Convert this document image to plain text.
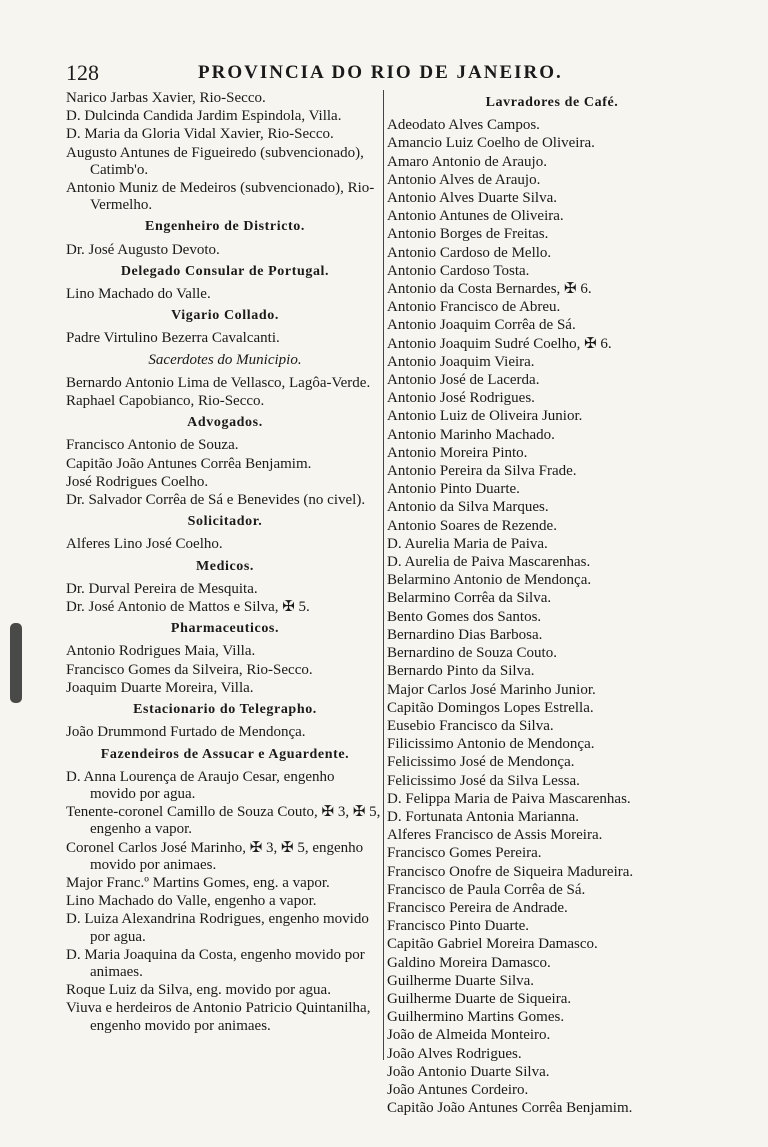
128	PROVINCIA DO RIO DE JANEIRO.
Narico Jarbas Xavier, Rio-Secco.
D. Dulcinda Candida Jardim Espindola, Villa.
D. Maria da Gloria Vidal Xavier, Rio-Secco.
Augusto Antunes de Figueiredo (subvencionado), Catimb'o.
Antonio Muniz de Medeiros (subvencionado), Rio-Vermelho.
Engenheiro de Districto.
Dr. José Augusto Devoto.
Delegado Consular de Portugal.
Lino Machado do Valle.
Vigario Collado.
Padre Virtulino Bezerra Cavalcanti.
Sacerdotes do Municipio.
Bernardo Antonio Lima de Vellasco, Lagôa-Verde.
Raphael Capobianco, Rio-Secco.
Advogados.
Francisco Antonio de Souza.
Capitão João Antunes Corrêa Benjamim.
José Rodrigues Coelho.
Dr. Salvador Corrêa de Sá e Benevides (no civel).
Solicitador.
Alferes Lino José Coelho.
Medicos.
Dr. Durval Pereira de Mesquita.
Dr. José Antonio de Mattos e Silva, ✠ 5.
Pharmaceuticos.
Antonio Rodrigues Maia, Villa.
Francisco Gomes da Silveira, Rio-Secco.
Joaquim Duarte Moreira, Villa.
Estacionario do Telegrapho.
João Drummond Furtado de Mendonça.
Fazendeiros de Assucar e Aguardente.
D. Anna Lourença de Araujo Cesar, engenho movido por agua.
Tenente-coronel Camillo de Souza Couto, ✠ 3, ✠ 5, engenho a vapor.
Coronel Carlos José Marinho, ✠ 3, ✠ 5, engenho movido por animaes.
Major Franc.º Martins Gomes, eng. a vapor.
Lino Machado do Valle, engenho a vapor.
D. Luiza Alexandrina Rodrigues, engenho movido por agua.
D. Maria Joaquina da Costa, engenho movido por animaes.
Roque Luiz da Silva, eng. movido por agua.
Viuva e herdeiros de Antonio Patricio Quintanilha, engenho movido por animaes.
Lavradores de Café.
Adeodato Alves Campos.
Amancio Luiz Coelho de Oliveira.
Amaro Antonio de Araujo.
Antonio Alves de Araujo.
Antonio Alves Duarte Silva.
Antonio Antunes de Oliveira.
Antonio Borges de Freitas.
Antonio Cardoso de Mello.
Antonio Cardoso Tosta.
Antonio da Costa Bernardes, ✠ 6.
Antonio Francisco de Abreu.
Antonio Joaquim Corrêa de Sá.
Antonio Joaquim Sudré Coelho, ✠ 6.
Antonio Joaquim Vieira.
Antonio José de Lacerda.
Antonio José Rodrigues.
Antonio Luiz de Oliveira Junior.
Antonio Marinho Machado.
Antonio Moreira Pinto.
Antonio Pereira da Silva Frade.
Antonio Pinto Duarte.
Antonio da Silva Marques.
Antonio Soares de Rezende.
D. Aurelia Maria de Paiva.
D. Aurelia de Paiva Mascarenhas.
Belarmino Antonio de Mendonça.
Belarmino Corrêa da Silva.
Bento Gomes dos Santos.
Bernardino Dias Barbosa.
Bernardino de Souza Couto.
Bernardo Pinto da Silva.
Major Carlos José Marinho Junior.
Capitão Domingos Lopes Estrella.
Eusebio Francisco da Silva.
Filicissimo Antonio de Mendonça.
Felicissimo José de Mendonça.
Felicissimo José da Silva Lessa.
D. Felippa Maria de Paiva Mascarenhas.
D. Fortunata Antonia Marianna.
Alferes Francisco de Assis Moreira.
Francisco Gomes Pereira.
Francisco Onofre de Siqueira Madureira.
Francisco de Paula Corrêa de Sá.
Francisco Pereira de Andrade.
Francisco Pinto Duarte.
Capitão Gabriel Moreira Damasco.
Galdino Moreira Damasco.
Guilherme Duarte Silva.
Guilherme Duarte de Siqueira.
Guilhermino Martins Gomes.
João de Almeida Monteiro.
João Alves Rodrigues.
João Antonio Duarte Silva.
João Antunes Cordeiro.
Capitão João Antunes Corrêa Benjamim.
